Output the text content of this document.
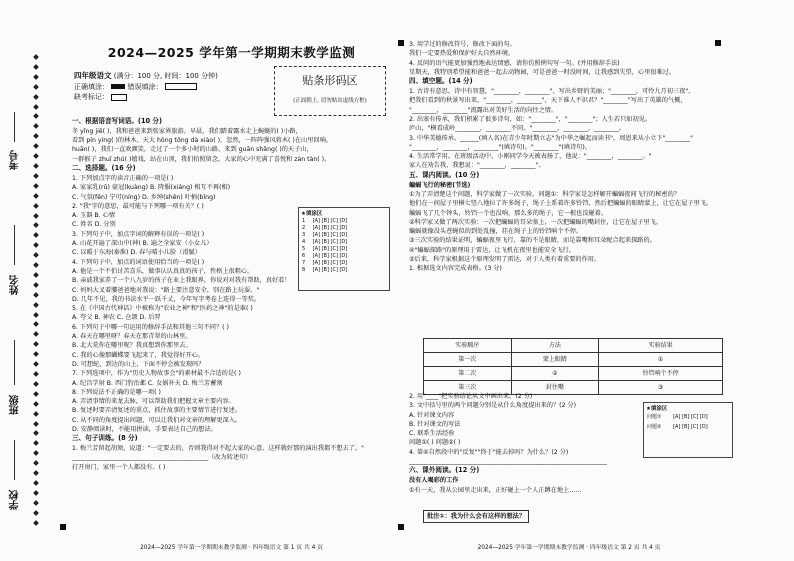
考号
姓名
班级
学校
2024—2025 学年第一学期期末教学监测
四年级语文 (满分：100 分, 时间：100 分钟)
正确填涂：	错误填涂：
缺考标记：
贴条形码区
(正面朝上, 切勿贴出虚线方框)
一、根据语音写词语。(10 分)
冬 yīng jiē( )，我和爸爸来到张家界旅游。早晨，我们踏着露水走上蜿蜒的( )小路，
看到 pín yíng( )的林木。天大 hōng tōng dà xiào( )，忽然，一阵阵强风将木( )在山里回响。
huān( )，我们一直欢颜笑，走过了一个多小时的山路，来到 guān shǎng( )的天子山，
一群猴子 zhuī zhú( )嬉戏，站在山顶，我们拍照留念，大家的心中充满了喜悦和 zàn tàn( )。
二、选择题。(16 分)
1. 下列加点字的读音正确的一项是( )
A. 家家乳(rǔ) 豪冠(kuàng) B. 降服(xiáng) 相互不再(相)
C. 气氛(fēn) 宁可(níng) D. 乡绅(shēn) 叶柄(bǐng)
2. "我"字的意思，最可能与下列哪一项有关？( )
A. 玉器 B. 心情
C. 姓名 D. 分别
3. 下列句子中，加点字词的解释有误的一项是( )
A. 山花开遍了深山中(神) B. 遍之全家安（小女儿）
C. 以暖于东海(秦淮) D. 春与晴小儿脸（滑腻）
4. 下列句子中，加点的词语使用恰当的一项是( )
A. 他是一个不怕讨苦喜乐，做事认认真真的孩子，性格上很粗心。
B. 亲戚我家养了一个八九岁的孩子在业上我眼界，你说对对我有帮助，真好看！
C. 妈妈大叉着腰爸爸地对我说："路上要注意安全，别在路上玩耍。"
D. 几年不见，我的书法水平一跃千丈，今年写字考卷上连得一等奖。
5. 在《中国古代神话》中被称为"农业之神"和"医药之神"的是谁( )
A. 夸父 B. 神农 C. 仓颉 D. 后羿
6. 下列句子中哪一句运用的修辞手法和其他三句不同？( )
A. 春天在哪里呀？春天在那青翠的山林里。
B. 北大荒你在哪里呢？我真想到你那里去。
C. 我的心像那蝴蝶要飞起来了，我觉得好开心。
D. 可想蛇，到达的山上，下面不停会被发现吗？
7. 下列选项中，作为"历史人物故事会"的素材最不合适的是( )
A. 纪昌学射 B. 西门豹治邺 C. 女娲补天 D. 梅兰芳蓄须
8. 下列说法不正确的是哪一项( )
A. 弄清事情的来龙去脉，可以帮助我们把握文章主要内容。
B. 复述时要弄清复述的重点，抓住故事的主要情节进行复述。
C. 从不同的角度提出问题，可以让我们对文章的理解更深入。
D. 安静阅读时，不能用拼读，手要表达自己的想法。
三、句子训练。(8 分)
1. 梅兰芳留起胡须，说道："一定要去的，否则我得对不起大家的心意，这样就好那的演出我都不想去了。"
____________________________________________（改为转述句）
打开房门，家里一个人都没有。( )
★填涂区
1	[A] [B] [C] [D]
2	[A] [B] [C] [D]
3	[A] [B] [C] [D]
4	[A] [B] [C] [D]
5	[A] [B] [C] [D]
6	[A] [B] [C] [D]
7	[A] [B] [C] [D]
8	[A] [B] [C] [D]
2024—2025 学年第一学期期末教学监测 · 四年级语文 第 1 页 共 4 页
3. 用学过的修改符号，修改下面的句。
我们一定要热爱和保护好大自然环境。
4. 反问的语气能更加强烈地表达情感，请你仿照例句写一句。(并用修辞手法)
星期天，我特别希望能和爸爸一起去动物园，可是爸爸一时没时间，让我感到失望，心里很难过。
四、填空题。(14 分)
1. 古诗有意思。诗中有智慧，"________，________"，写出乡野的美丽；"________，可怜九月初三夜"，
把我们看到的秋景写出来，"________，________"，天下谁人不识君？"________"写出了英雄的气概，
"________，________"流露出对美好生活的向往之情。
2. 出塞有传承，我们积累了很多诗句，如："________"，"________"；人生若只如初见。
庐山，"横看成岭________，________不同。"________，________，________。
3. 中华美德传承。______(填人名)在青少年时期立志"为中华之崛起而读书"，周恩来从小立下"________"
"________，________，________"(填诗句)。"________"(填诗句)。
4. 生活常学用。在班级活动中，小刚同学今天被表扬了，他说："________，________。"
家人在劝告我，我想说："________，________"。
五、课内阅读。(10 分)
蝙蝠飞行的秘密(节选)
①为了弄清楚这个问题，科学家做了一次实验。问题①：科学家是怎样解开蝙蝠夜间飞行的秘密的？
他们在一间屋子里横七竖八地拉了许多绳子，绳子上系着许多铃铛，然后把蝙蝠的眼睛蒙上，让它在屋子里飞。
蝙蝠飞了几个钟头，铃铛一个也没响，那么多的绳子，它一根也没碰着。
②科学家又做了两次实验：一次把蝙蝠的耳朵塞上，一次把蝙蝠的嘴封住，让它在屋子里飞。
蝙蝠就像没头苍蝇似的到处乱撞，挂在绳子上的铃铛响个不停。
③三次实验的结果证明，蝙蝠夜里飞行，靠的不是眼睛，而是靠嘴和耳朵配合起来探路的。
④"蝙蝠探路"的原理用于雷达，让飞机在夜里也能安全飞行。
⑤后来，科学家根据这个原理发明了雷达，对于人类有着重要的作用。
1. 根据选文内容完成表格。(3 分)
实验顺序	方法	实验结果
第一次	蒙上眼睛	①
第二次	②	铃铛响个不停
第三次	封住嘴	③
2. 用"____"把实验结论从文中画出来。(2 分)
3. 文中括号里的两个问题分别是从什么角度提出来的？(2 分)
A. 针对课文内容
B. 针对课文的写法
C. 联系生活经验
问题①( ) 问题②( )
4. 第④自然段中的"反复""终于"能去掉吗？为什么？(2 分)
________________________________________________________________
六、课外阅读。(12 分)
没有人喝彩的工作
①有一天，我从公园里走出来，正好碰上一个人正蹲在地上……
批注①：我为什么会有这样的想法？
★填涂区
问题①	[A] [B] [C] [D]
问题②	[A] [B] [C] [D]
2024—2025 学年第一学期期末教学监测 · 四年级语文 第 2 页 共 4 页
